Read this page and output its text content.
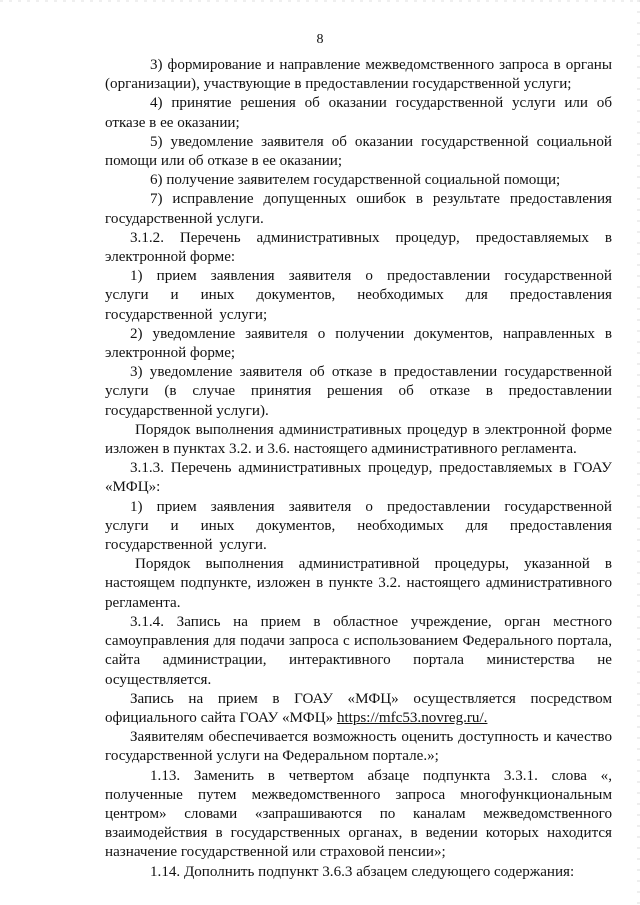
8

3) формирование и направление межведомственного запроса в органы (организации), участвующие в предоставлении государственной услуги;

4) принятие решения об оказании государственной услуги или об отказе в ее оказании;

5) уведомление заявителя об оказании государственной социальной помощи или об отказе в ее оказании;

6) получение заявителем государственной социальной помощи;

7) исправление допущенных ошибок в результате предоставления государственной услуги.

3.1.2. Перечень административных процедур, предоставляемых в электронной форме:

1) прием заявления заявителя о предоставлении государственной услуги и иных документов, необходимых для предоставления государственной услуги;

2) уведомление заявителя о получении документов, направленных в электронной форме;

3) уведомление заявителя об отказе в предоставлении государственной услуги (в случае принятия решения об отказе в предоставлении государственной услуги).

Порядок выполнения административных процедур в электронной форме изложен в пунктах 3.2. и 3.6. настоящего административного регламента.

3.1.3. Перечень административных процедур, предоставляемых в ГОАУ «МФЦ»:

1) прием заявления заявителя о предоставлении государственной услуги и иных документов, необходимых для предоставления государственной услуги.

Порядок выполнения административной процедуры, указанной в настоящем подпункте, изложен в пункте 3.2. настоящего административного регламента.

3.1.4. Запись на прием в областное учреждение, орган местного самоуправления для подачи запроса с использованием Федерального портала, сайта администрации, интерактивного портала министерства не осуществляется.

Запись на прием в ГОАУ «МФЦ» осуществляется посредством официального сайта ГОАУ «МФЦ» https://mfc53.novreg.ru/.

Заявителям обеспечивается возможность оценить доступность и качество государственной услуги на Федеральном портале.»;

1.13. Заменить в четвертом абзаце подпункта 3.3.1. слова «, полученные путем межведомственного запроса многофункциональным центром» словами «запрашиваются по каналам межведомственного взаимодействия в государственных органах, в ведении которых находится назначение государственной или страховой пенсии»;

1.14. Дополнить подпункт 3.6.3 абзацем следующего содержания:
